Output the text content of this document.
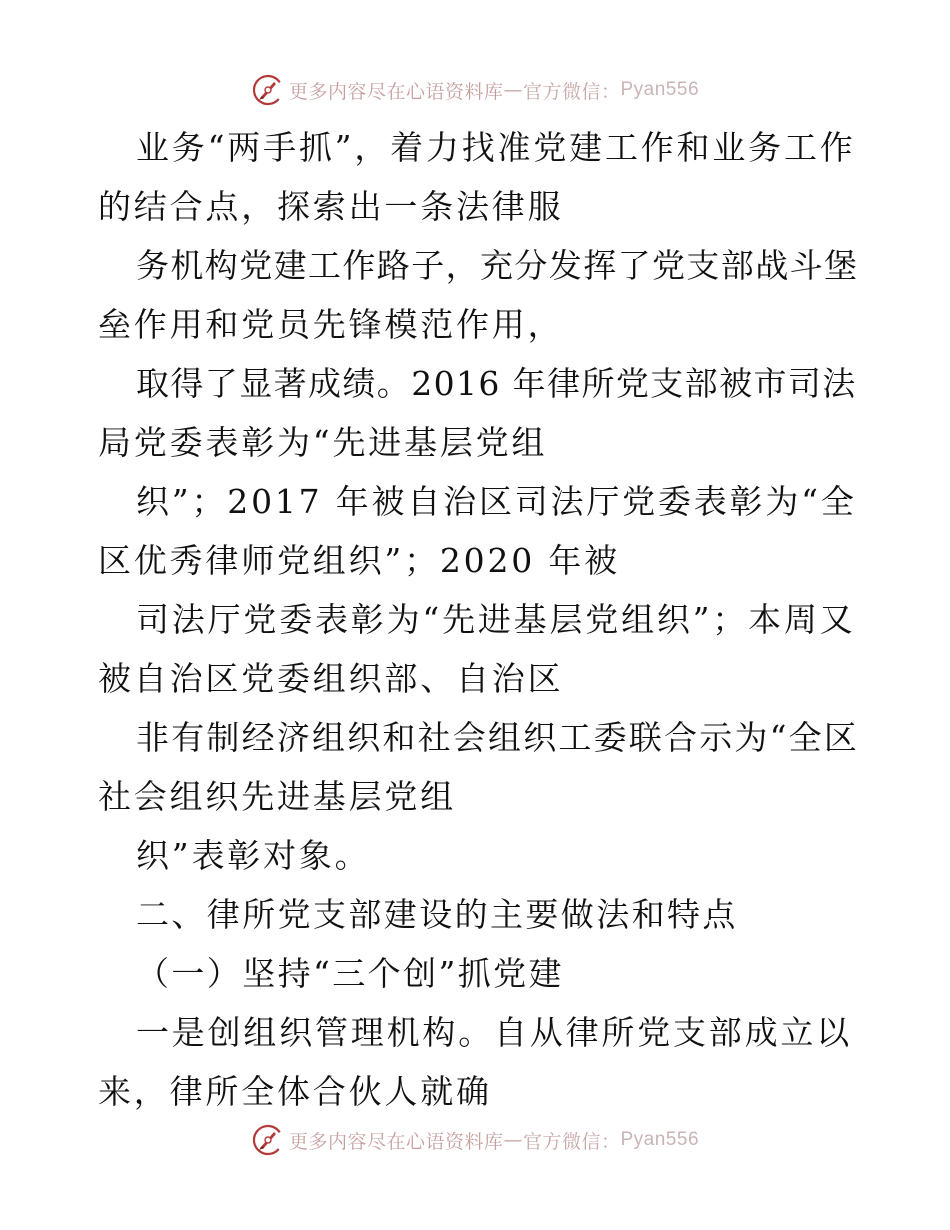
更多内容尽在心语资料库 — 官方微信： Pyan556
业务“两手抓”，着力找准党建工作和业务工作
的结合点，探索出一条法律服
务机构党建工作路子，充分发挥了党支部战斗堡
垒作用和党员先锋模范作用，
取得了显著成绩。2016 年律所党支部被市司法
局党委表彰为“先进基层党组
织”；2017 年被自治区司法厅党委表彰为“全
区优秀律师党组织”；2020 年被
司法厅党委表彰为“先进基层党组织”；本周又
被自治区党委组织部、自治区
非有制经济组织和社会组织工委联合示为“全区
社会组织先进基层党组
织”表彰对象。
二、律所党支部建设的主要做法和特点
（一）坚持“三个创”抓党建
一是创组织管理机构。自从律所党支部成立以
来，律所全体合伙人就确
更多内容尽在心语资料库 — 官方微信： Pyan556
